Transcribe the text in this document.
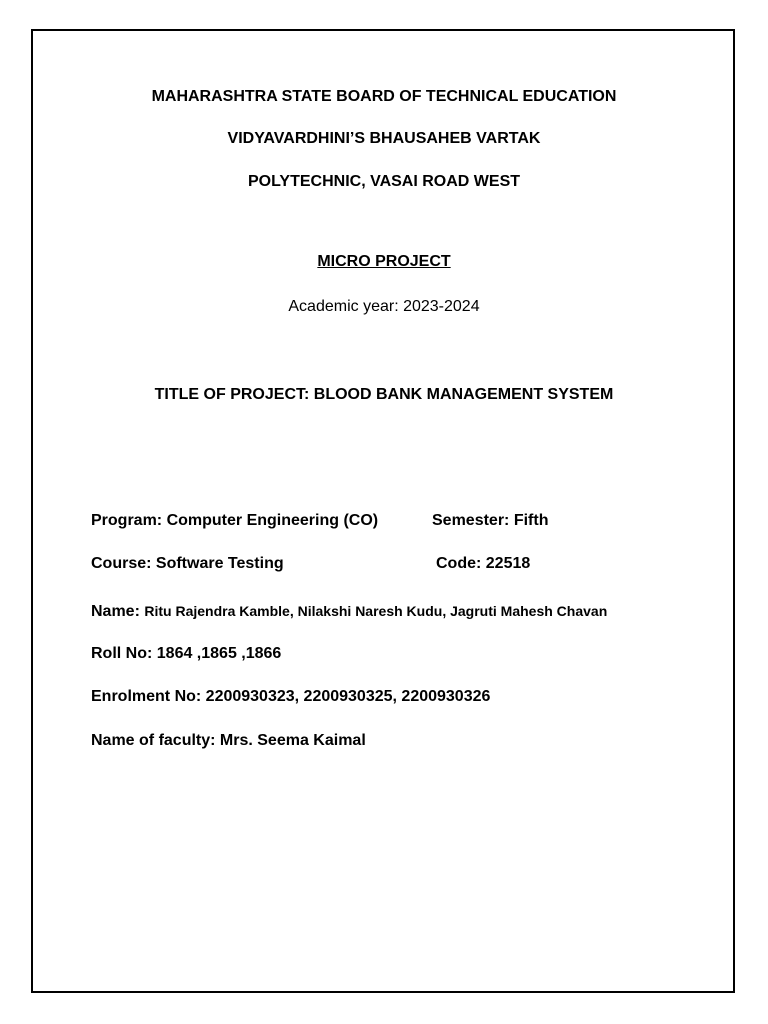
MAHARASHTRA STATE BOARD OF TECHNICAL EDUCATION
VIDYAVARDHINI’S BHAUSAHEB VARTAK
POLYTECHNIC, VASAI ROAD WEST
MICRO PROJECT
Academic year: 2023-2024
TITLE OF PROJECT: BLOOD BANK MANAGEMENT SYSTEM
Program: Computer Engineering (CO)	Semester: Fifth
Course: Software Testing	Code: 22518
Name: Ritu Rajendra Kamble, Nilakshi Naresh Kudu, Jagruti Mahesh Chavan
Roll No: 1864 ,1865 ,1866
Enrolment No: 2200930323, 2200930325, 2200930326
Name of faculty: Mrs. Seema Kaimal
